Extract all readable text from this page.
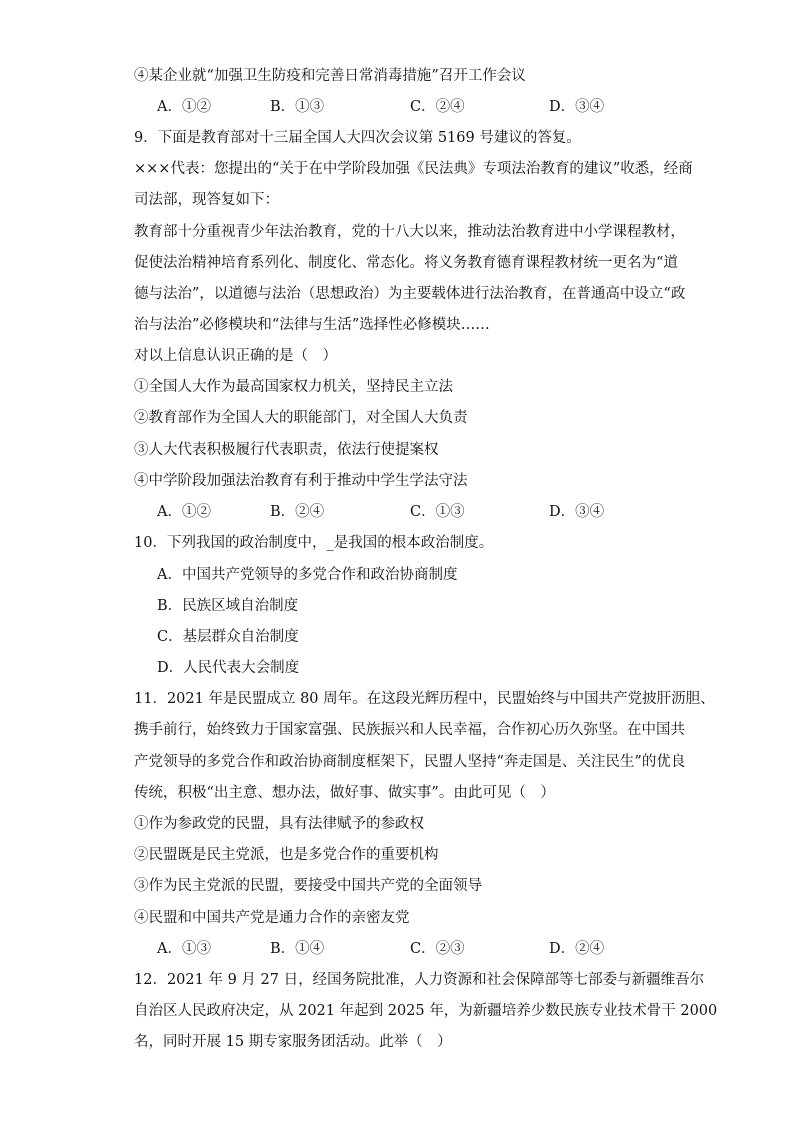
④某企业就“加强卫生防疫和完善日常消毒措施”召开工作会议
A．①②	B．①③	C．②④	D．③④
9．下面是教育部对十三届全国人大四次会议第 5169 号建议的答复。
×××代表：您提出的“关于在中学阶段加强《民法典》专项法治教育的建议”收悉，经商
司法部，现答复如下：
教育部十分重视青少年法治教育，党的十八大以来，推动法治教育进中小学课程教材，
促使法治精神培育系列化、制度化、常态化。将义务教育德育课程教材统一更名为“道
德与法治”，以道德与法治（思想政治）为主要载体进行法治教育，在普通高中设立“政
治与法治”必修模块和“法律与生活”选择性必修模块……
对以上信息认识正确的是（　）
①全国人大作为最高国家权力机关，坚持民主立法
②教育部作为全国人大的职能部门，对全国人大负责
③人大代表积极履行代表职责，依法行使提案权
④中学阶段加强法治教育有利于推动中学生学法守法
A．①②	B．②④	C．①③	D．③④
10．下列我国的政治制度中，_是我国的根本政治制度。
A．中国共产党领导的多党合作和政治协商制度
B．民族区域自治制度
C．基层群众自治制度
D．人民代表大会制度
11．2021 年是民盟成立 80 周年。在这段光辉历程中，民盟始终与中国共产党披肝沥胆、
携手前行，始终致力于国家富强、民族振兴和人民幸福，合作初心历久弥坚。在中国共
产党领导的多党合作和政治协商制度框架下，民盟人坚持“奔走国是、关注民生”的优良
传统，积极“出主意、想办法，做好事、做实事”。由此可见（　）
①作为参政党的民盟，具有法律赋予的参政权
②民盟既是民主党派，也是多党合作的重要机构
③作为民主党派的民盟，要接受中国共产党的全面领导
④民盟和中国共产党是通力合作的亲密友党
A．①③	B．①④	C．②③	D．②④
12．2021 年 9 月 27 日，经国务院批准，人力资源和社会保障部等七部委与新疆维吾尔
自治区人民政府决定，从 2021 年起到 2025 年，为新疆培养少数民族专业技术骨干 2000
名，同时开展 15 期专家服务团活动。此举（　）
